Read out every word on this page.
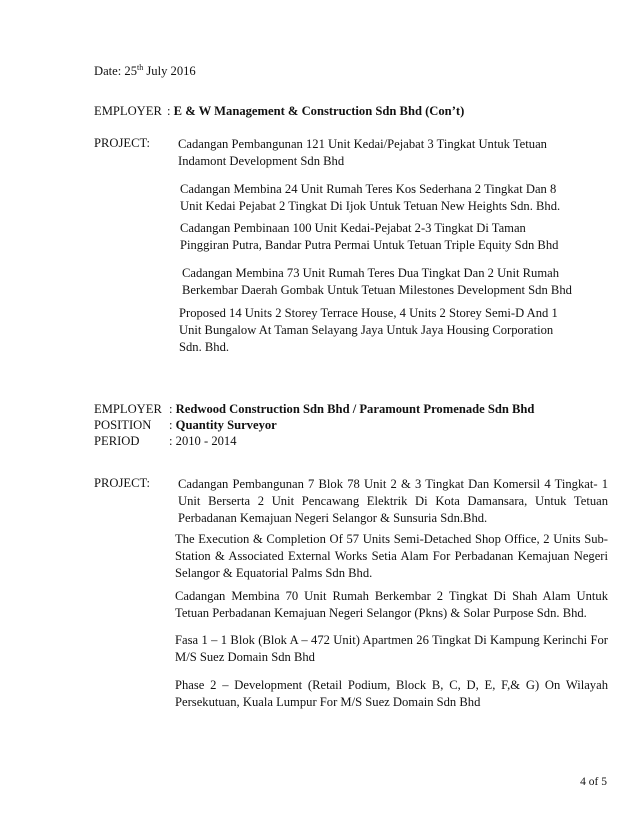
Date: 25th July 2016
EMPLOYER : E & W Management & Construction Sdn Bhd (Con’t)
PROJECT: Cadangan Pembangunan 121 Unit Kedai/Pejabat 3 Tingkat Untuk Tetuan
Indamont Development Sdn Bhd
Cadangan Membina 24 Unit Rumah Teres Kos Sederhana 2 Tingkat Dan 8
Unit Kedai Pejabat 2 Tingkat Di Ijok Untuk Tetuan New Heights Sdn. Bhd.
Cadangan Pembinaan 100 Unit Kedai-Pejabat 2-3 Tingkat Di Taman
Pinggiran Putra, Bandar Putra Permai Untuk Tetuan Triple Equity Sdn Bhd
Cadangan Membina 73 Unit Rumah Teres Dua Tingkat Dan 2 Unit Rumah
Berkembar Daerah Gombak Untuk Tetuan Milestones Development Sdn Bhd
Proposed 14 Units 2 Storey Terrace House, 4 Units 2 Storey Semi-D And 1
Unit Bungalow At Taman Selayang Jaya Untuk Jaya Housing Corporation
Sdn. Bhd.
EMPLOYER : Redwood Construction Sdn Bhd / Paramount Promenade Sdn Bhd
POSITION : Quantity Surveyor
PERIOD : 2010 - 2014
PROJECT: Cadangan Pembangunan 7 Blok 78 Unit 2 & 3 Tingkat Dan Komersil 4 Tingkat- 1
Unit Berserta 2 Unit Pencawang Elektrik Di Kota Damansara, Untuk Tetuan
Perbadanan Kemajuan Negeri Selangor & Sunsuria Sdn.Bhd.
The Execution & Completion Of 57 Units Semi-Detached Shop Office, 2 Units Sub-
Station & Associated External Works Setia Alam For Perbadanan Kemajuan Negeri
Selangor & Equatorial Palms Sdn Bhd.
Cadangan Membina 70 Unit Rumah Berkembar 2 Tingkat Di Shah Alam Untuk
Tetuan Perbadanan Kemajuan Negeri Selangor (Pkns) & Solar Purpose Sdn. Bhd.
Fasa 1 – 1 Blok (Blok A – 472 Unit) Apartmen 26 Tingkat Di Kampung Kerinchi For
M/S Suez Domain Sdn Bhd
Phase 2 – Development (Retail Podium, Block B, C, D, E, F,& G) On Wilayah
Persekutuan, Kuala Lumpur For M/S Suez Domain Sdn Bhd
4 of 5
